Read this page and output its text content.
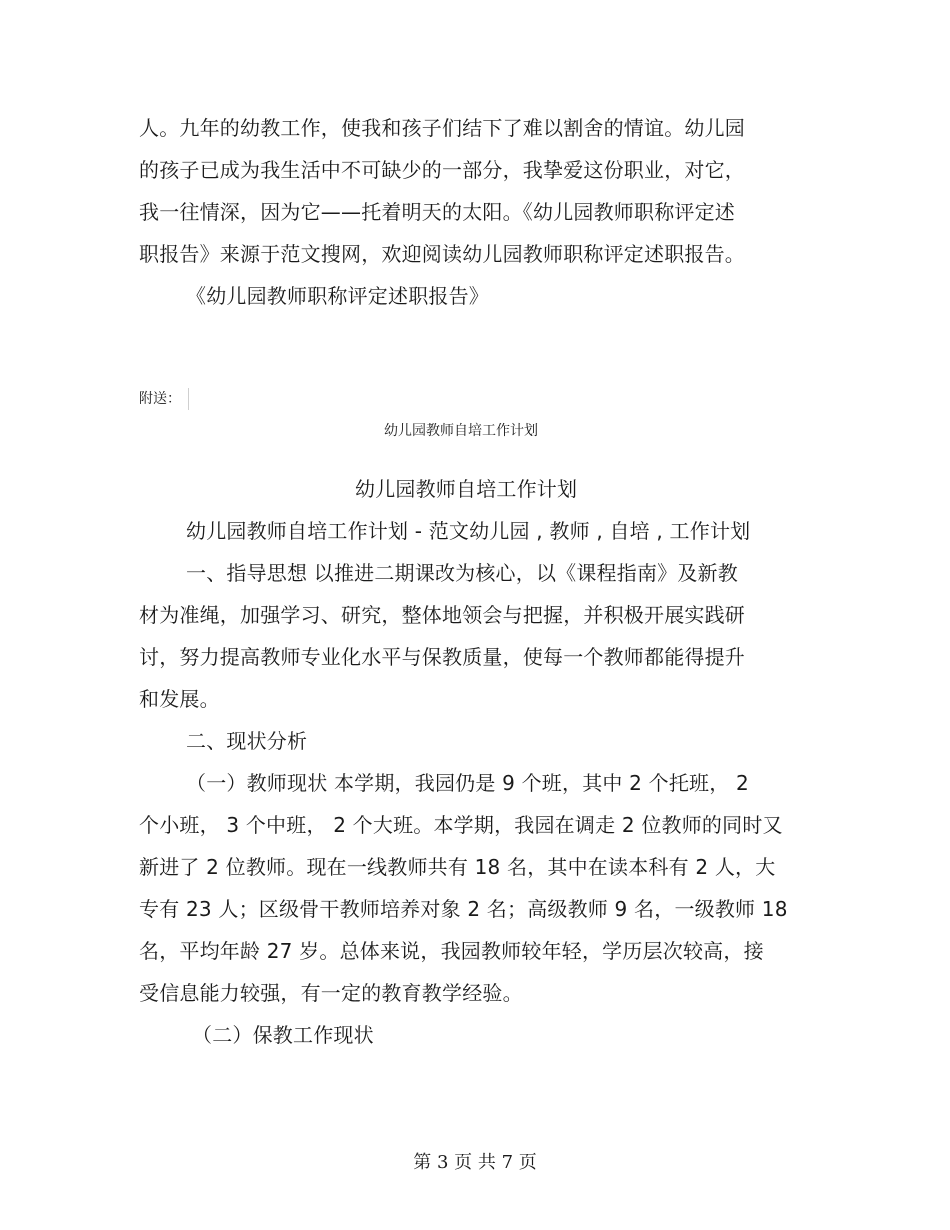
人。九年的幼教工作，使我和孩子们结下了难以割舍的情谊。幼儿园
的孩子已成为我生活中不可缺少的一部分，我挚爱这份职业，对它，
我一往情深，因为它——托着明天的太阳。《幼儿园教师职称评定述
职报告》来源于范文搜网，欢迎阅读幼儿园教师职称评定述职报告。
《幼儿园教师职称评定述职报告》
附送：
幼儿园教师自培工作计划
幼儿园教师自培工作计划
幼儿园教师自培工作计划 - 范文幼儿园 , 教师 , 自培 , 工作计划
一、指导思想 以推进二期课改为核心，以《课程指南》及新教
材为准绳，加强学习、研究，整体地领会与把握，并积极开展实践研
讨，努力提高教师专业化水平与保教质量，使每一个教师都能得提升
和发展。
二、现状分析
（一）教师现状 本学期，我园仍是 9 个班，其中 2 个托班， 2
个小班， 3 个中班， 2 个大班。本学期，我园在调走 2 位教师的同时又
新进了 2 位教师。现在一线教师共有 18 名，其中在读本科有 2 人，大
专有 23 人；区级骨干教师培养对象 2 名；高级教师 9 名，一级教师 18
名，平均年龄 27 岁。总体来说，我园教师较年轻，学历层次较高，接
受信息能力较强，有一定的教育教学经验。
（二）保教工作现状
第 3 页 共 7 页
